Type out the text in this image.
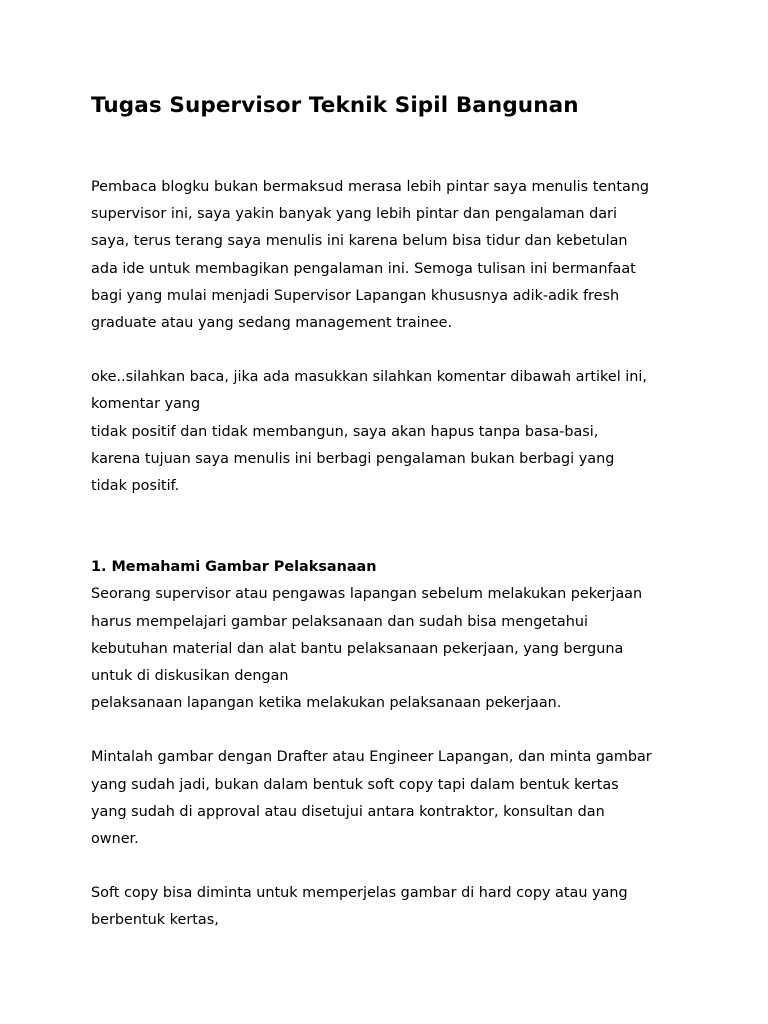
Tugas Supervisor Teknik Sipil Bangunan
Pembaca blogku bukan bermaksud merasa lebih pintar saya menulis tentang
supervisor ini, saya yakin banyak yang lebih pintar dan pengalaman dari
saya, terus terang saya menulis ini karena belum bisa tidur dan kebetulan
ada ide untuk membagikan pengalaman ini. Semoga tulisan ini bermanfaat
bagi yang mulai menjadi Supervisor Lapangan khususnya adik-adik fresh
graduate atau yang sedang management trainee.
oke..silahkan baca, jika ada masukkan silahkan komentar dibawah artikel ini,
komentar yang
tidak positif dan tidak membangun, saya akan hapus tanpa basa-basi,
karena tujuan saya menulis ini berbagi pengalaman bukan berbagi yang
tidak positif.
1. Memahami Gambar Pelaksanaan
Seorang supervisor atau pengawas lapangan sebelum melakukan pekerjaan
harus mempelajari gambar pelaksanaan dan sudah bisa mengetahui
kebutuhan material dan alat bantu pelaksanaan pekerjaan, yang berguna
untuk di diskusikan dengan
pelaksanaan lapangan ketika melakukan pelaksanaan pekerjaan.
Mintalah gambar dengan Drafter atau Engineer Lapangan, dan minta gambar
yang sudah jadi, bukan dalam bentuk soft copy tapi dalam bentuk kertas
yang sudah di approval atau disetujui antara kontraktor, konsultan dan
owner.
Soft copy bisa diminta untuk memperjelas gambar di hard copy atau yang
berbentuk kertas,
